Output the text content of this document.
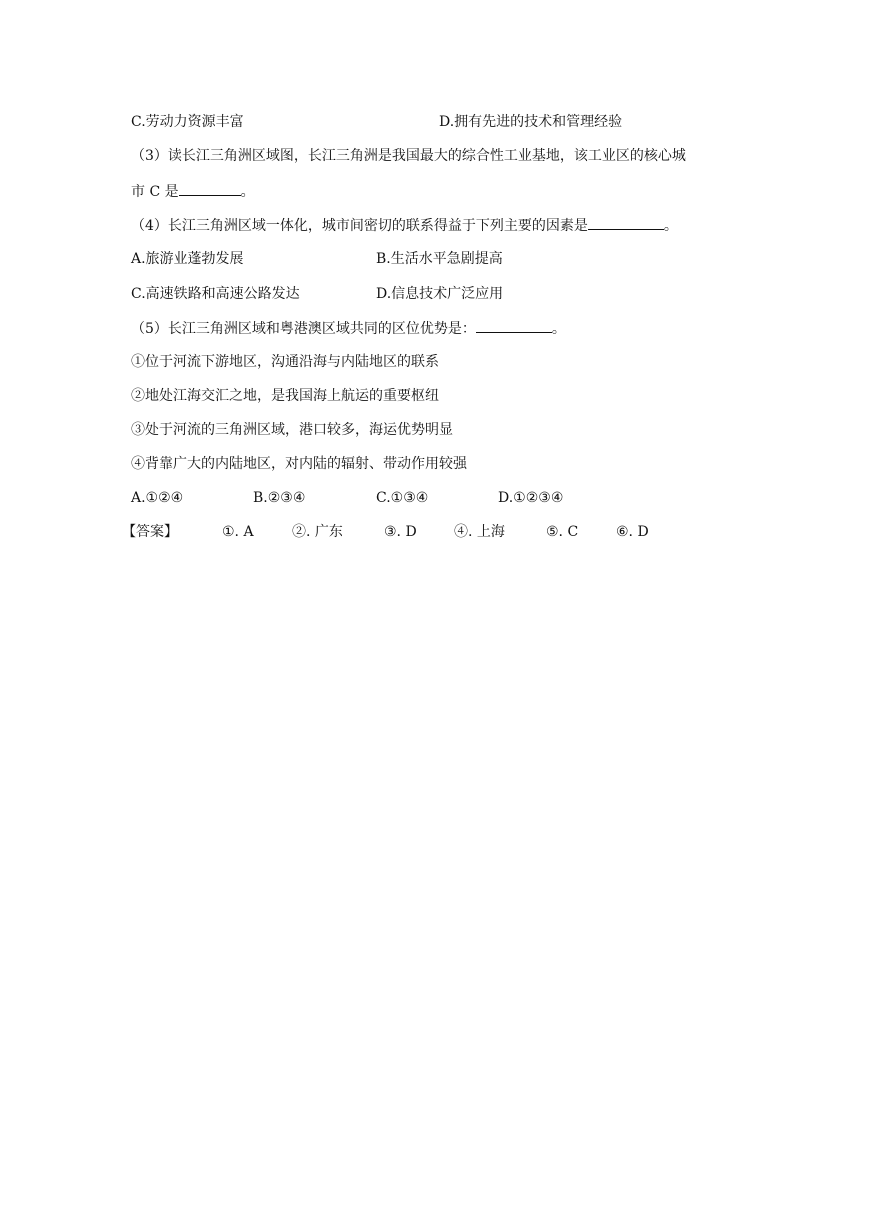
C.劳动力资源丰富	D.拥有先进的技术和管理经验
（3）读长江三角洲区域图，长江三角洲是我国最大的综合性工业基地，该工业区的核心城
市 C 是	。
（4）长江三角洲区域一体化，城市间密切的联系得益于下列主要的因素是	。
A.旅游业蓬勃发展	B.生活水平急剧提高
C.高速铁路和高速公路发达	D.信息技术广泛应用
（5）长江三角洲区域和粤港澳区域共同的区位优势是：	。
①位于河流下游地区，沟通沿海与内陆地区的联系
②地处江海交汇之地，是我国海上航运的重要枢纽
③处于河流的三角洲区域，港口较多，海运优势明显
④背靠广大的内陆地区，对内陆的辐射、带动作用较强
A.①②④	B.②③④	C.①③④	D.①②③④
【答案】	①. A	②. 广东	③. D	④. 上海	⑤. C	⑥. D
